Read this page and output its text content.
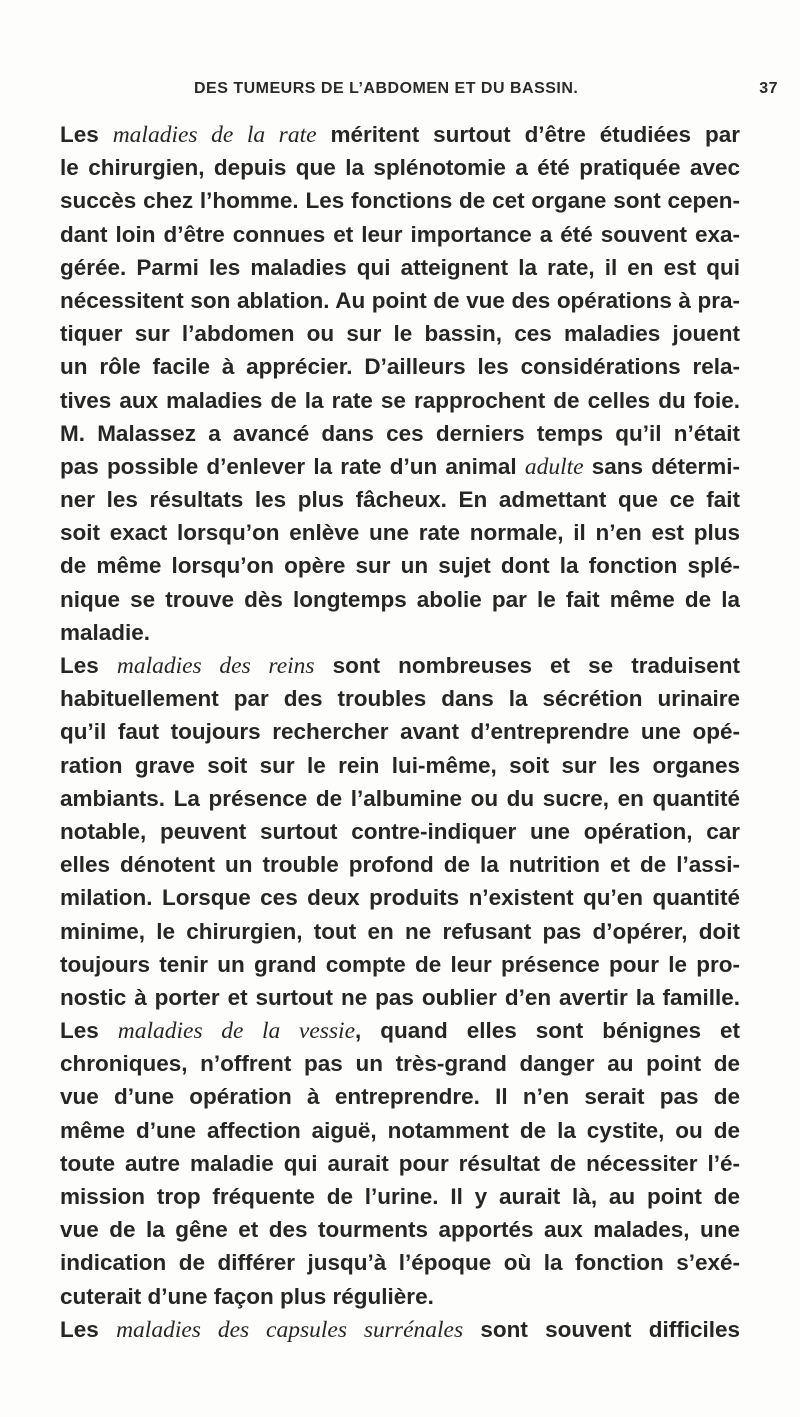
DES TUMEURS DE L’ABDOMEN ET DU BASSIN.	37
Les maladies de la rate méritent surtout d’être étudiées par
le chirurgien, depuis que la splénotomie a été pratiquée avec
succès chez l’homme. Les fonctions de cet organe sont cepen-
dant loin d’être connues et leur importance a été souvent exa-
gérée. Parmi les maladies qui atteignent la rate, il en est qui
nécessitent son ablation. Au point de vue des opérations à pra-
tiquer sur l’abdomen ou sur le bassin, ces maladies jouent
un rôle facile à apprécier. D’ailleurs les considérations rela-
tives aux maladies de la rate se rapprochent de celles du foie.
M. Malassez a avancé dans ces derniers temps qu’il n’était
pas possible d’enlever la rate d’un animal adulte sans détermi-
ner les résultats les plus fâcheux. En admettant que ce fait
soit exact lorsqu’on enlève une rate normale, il n’en est plus
de même lorsqu’on opère sur un sujet dont la fonction splé-
nique se trouve dès longtemps abolie par le fait même de la
maladie.
Les maladies des reins sont nombreuses et se traduisent
habituellement par des troubles dans la sécrétion urinaire
qu’il faut toujours rechercher avant d’entreprendre une opé-
ration grave soit sur le rein lui-même, soit sur les organes
ambiants. La présence de l’albumine ou du sucre, en quantité
notable, peuvent surtout contre-indiquer une opération, car
elles dénotent un trouble profond de la nutrition et de l’assi-
milation. Lorsque ces deux produits n’existent qu’en quantité
minime, le chirurgien, tout en ne refusant pas d’opérer, doit
toujours tenir un grand compte de leur présence pour le pro-
nostic à porter et surtout ne pas oublier d’en avertir la famille.
Les maladies de la vessie, quand elles sont bénignes et
chroniques, n’offrent pas un très-grand danger au point de
vue d’une opération à entreprendre. Il n’en serait pas de
même d’une affection aiguë, notamment de la cystite, ou de
toute autre maladie qui aurait pour résultat de nécessiter l’é-
mission trop fréquente de l’urine. Il y aurait là, au point de
vue de la gêne et des tourments apportés aux malades, une
indication de différer jusqu’à l’époque où la fonction s’exé-
cuterait d’une façon plus régulière.
Les maladies des capsules surrénales sont souvent difficiles
